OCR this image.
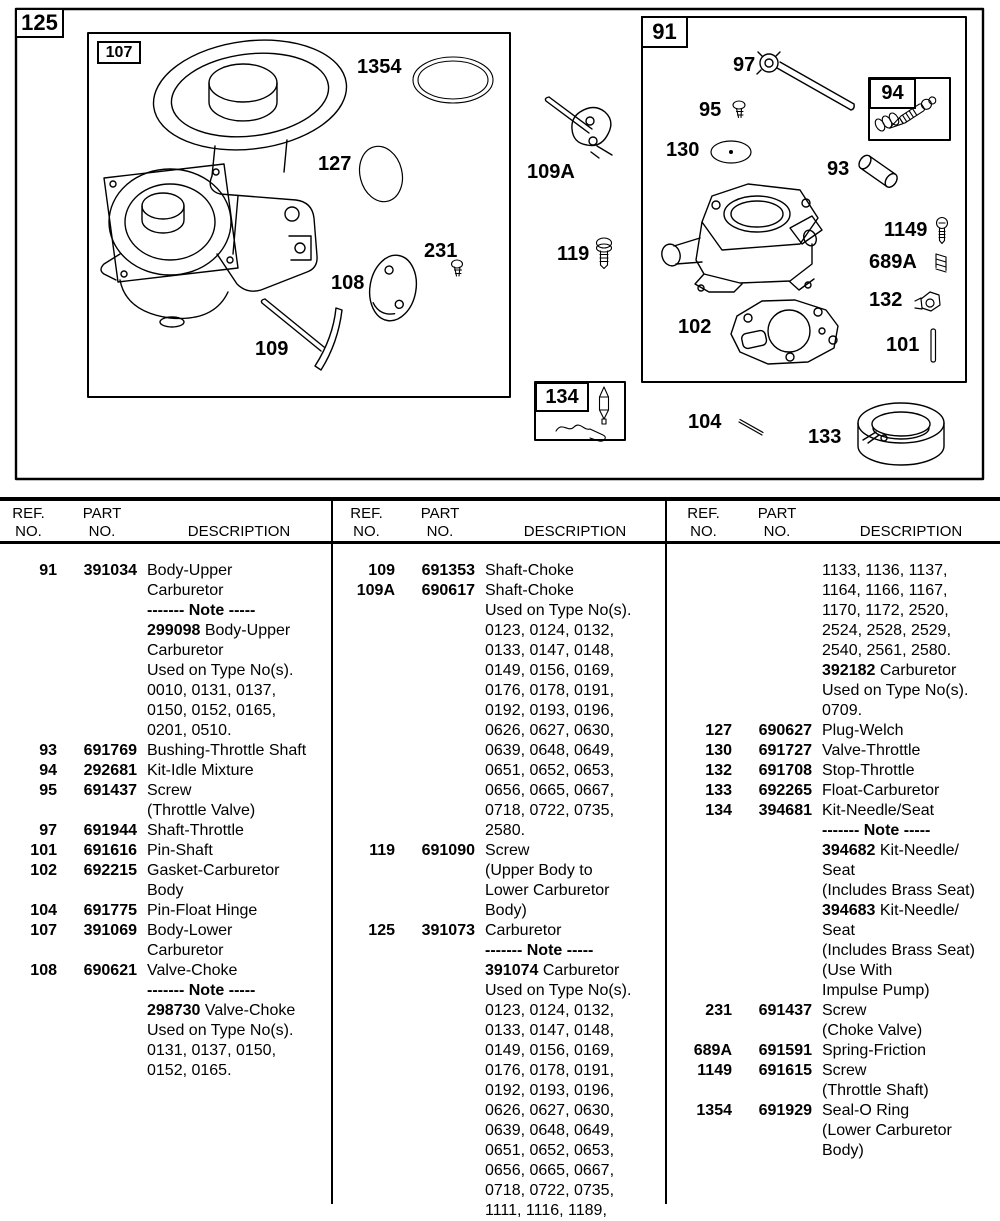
125
107
91
94
134
1354
127
231
108
109
109A
119
97
95
130
93
1149
689A
132
101
102
104
133
REF.
NO.
PART
NO.
	DESCRIPTION
91	391034 Body-Upper
Carburetor
------- Note -----
299098 Body-Upper
Carburetor
Used on Type No(s).
0010, 0131, 0137,
0150, 0152, 0165,
0201, 0510.
93	691769 Bushing-Throttle Shaft
94	292681 Kit-Idle Mixture
95	691437 Screw
(Throttle Valve)
97	691944 Shaft-Throttle
101	691616 Pin-Shaft
102	692215 Gasket-Carburetor
Body
104	691775 Pin-Float Hinge
107	391069 Body-Lower
Carburetor
108	690621 Valve-Choke
------- Note -----
298730 Valve-Choke
Used on Type No(s).
0131, 0137, 0150,
0152, 0165.
REF.
NO.
PART
NO.
	DESCRIPTION
109	691353 Shaft-Choke
109A	690617 Shaft-Choke
Used on Type No(s).
0123, 0124, 0132,
0133, 0147, 0148,
0149, 0156, 0169,
0176, 0178, 0191,
0192, 0193, 0196,
0626, 0627, 0630,
0639, 0648, 0649,
0651, 0652, 0653,
0656, 0665, 0667,
0718, 0722, 0735,
2580.
119	691090 Screw
(Upper Body to
Lower Carburetor
Body)
125	391073 Carburetor
------- Note -----
391074 Carburetor
Used on Type No(s).
0123, 0124, 0132,
0133, 0147, 0148,
0149, 0156, 0169,
0176, 0178, 0191,
0192, 0193, 0196,
0626, 0627, 0630,
0639, 0648, 0649,
0651, 0652, 0653,
0656, 0665, 0667,
0718, 0722, 0735,
1111, 1116, 1189,
REF.
NO.
PART
NO.
	DESCRIPTION
1133, 1136, 1137,
1164, 1166, 1167,
1170, 1172, 2520,
2524, 2528, 2529,
2540, 2561, 2580.
392182 Carburetor
Used on Type No(s).
0709.
127	690627 Plug-Welch
130	691727 Valve-Throttle
132	691708 Stop-Throttle
133	692265 Float-Carburetor
134	394681 Kit-Needle/Seat
------- Note -----
394682 Kit-Needle/
Seat
(Includes Brass Seat)
394683 Kit-Needle/
Seat
(Includes Brass Seat)
(Use With
Impulse Pump)
231	691437 Screw
(Choke Valve)
689A	691591 Spring-Friction
1149	691615 Screw
(Throttle Shaft)
1354	691929 Seal-O Ring
(Lower Carburetor
Body)
